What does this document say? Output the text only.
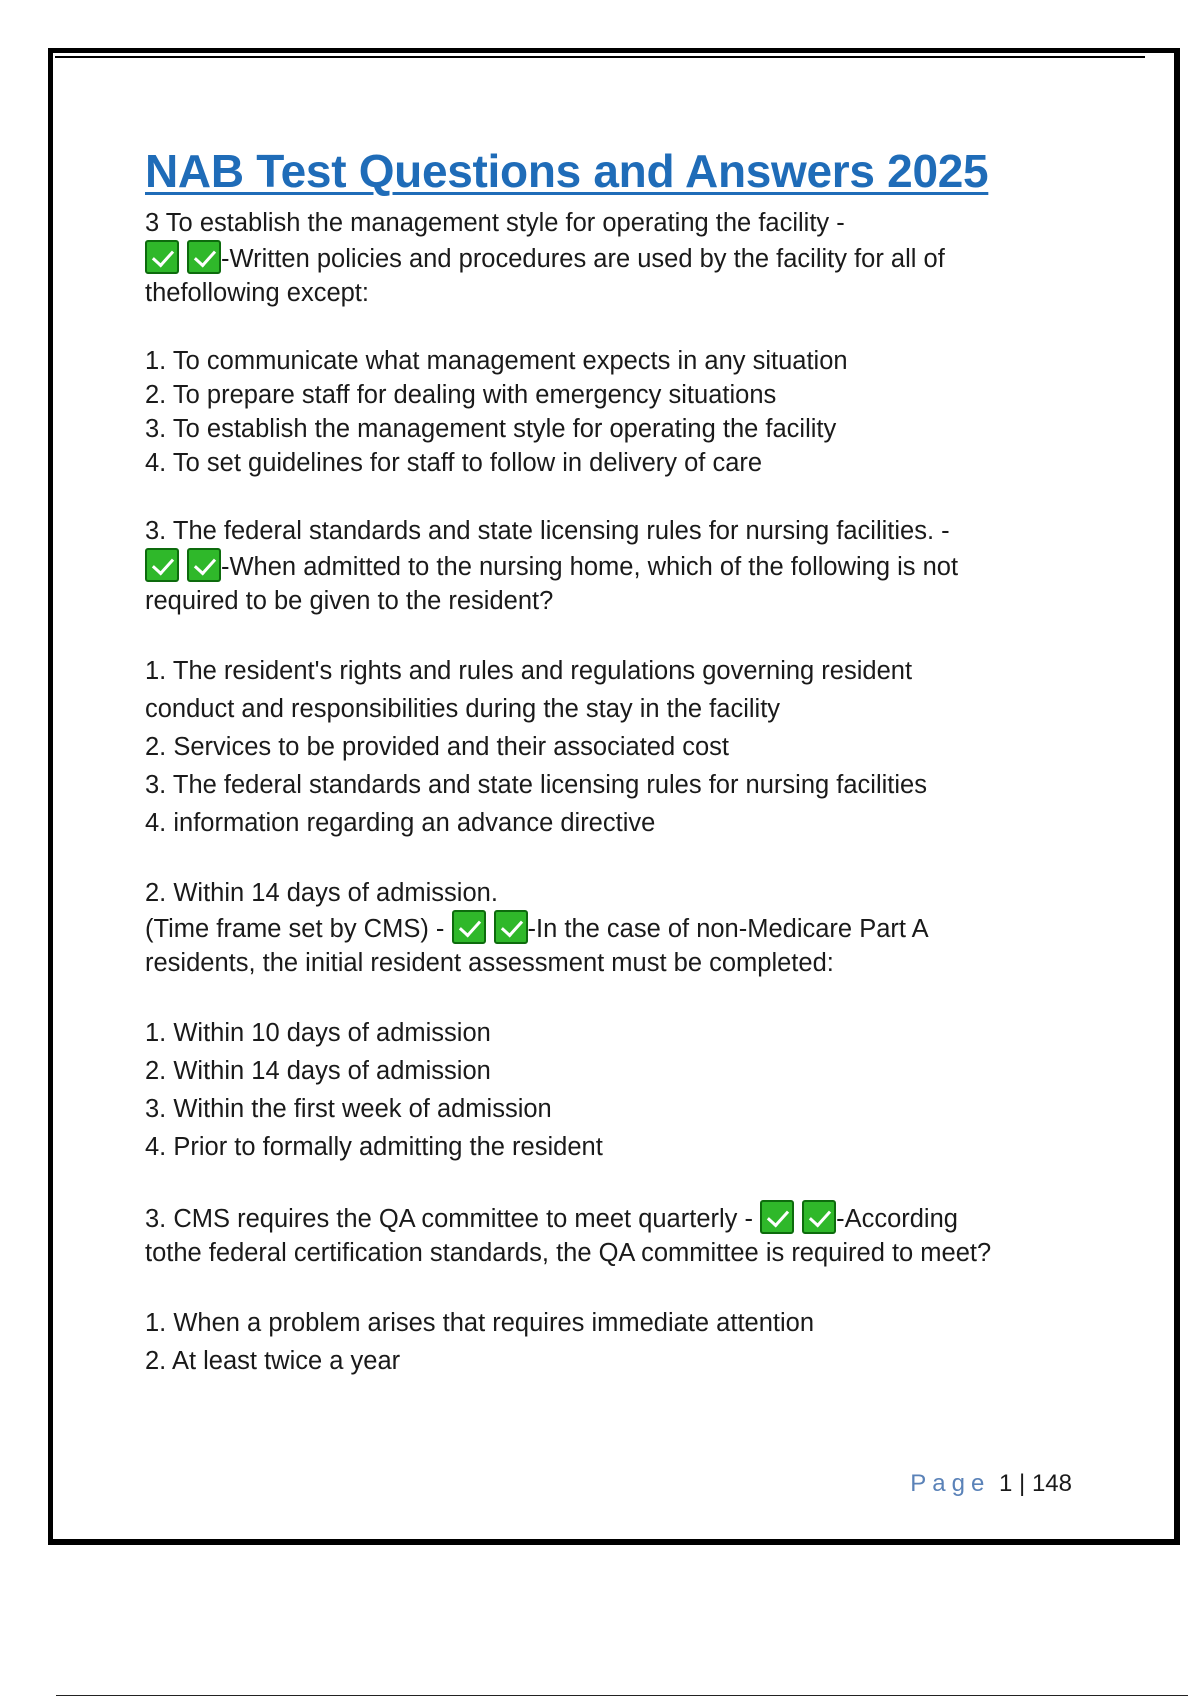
NAB Test Questions and Answers 2025

3 To establish the management style for operating the facility -
-Written policies and procedures are used by the facility for all of
thefollowing except:

1. To communicate what management expects in any situation
2. To prepare staff for dealing with emergency situations
3. To establish the management style for operating the facility
4. To set guidelines for staff to follow in delivery of care

3. The federal standards and state licensing rules for nursing facilities. -
-When admitted to the nursing home, which of the following is not
required to be given to the resident?

1. The resident's rights and rules and regulations governing resident
conduct and responsibilities during the stay in the facility
2. Services to be provided and their associated cost
3. The federal standards and state licensing rules for nursing facilities
4. information regarding an advance directive

2. Within 14 days of admission.
(Time frame set by CMS) -	-In the case of non-Medicare Part A
residents, the initial resident assessment must be completed:

1. Within 10 days of admission
2. Within 14 days of admission
3. Within the first week of admission
4. Prior to formally admitting the resident

3. CMS requires the QA committee to meet quarterly -	-According
tothe federal certification standards, the QA committee is required to meet?

1. When a problem arises that requires immediate attention
2. At least twice a year
Page 1 | 148
